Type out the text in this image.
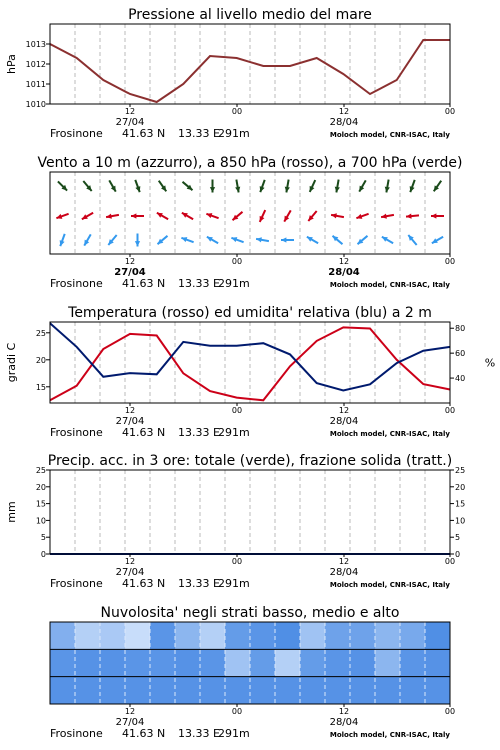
Pressione al livello medio del mare
12	00	12	00
27/04	28/04
Frosinone 41.63 N 13.33 E
291m	Moloch model, CNR-ISAC, Italy
1010
1011
1012
1013
hPa
Vento a 10 m (azzurro), a 850 hPa (rosso), a 700 hPa (verde)
12	00	12	00
27/04	28/04
Frosinone 41.63 N 13.33 E
291m	Moloch model, CNR-ISAC, Italy
Temperatura (rosso) ed umidita' relativa (blu) a 2 m
12	00	12	00
27/04	28/04
Frosinone 41.63 N 13.33 E
291m	Moloch model, CNR-ISAC, Italy
15
20
25
40
60
80
gradi C	%
Precip. acc. in 3 ore: totale (verde), frazione solida (tratt.)
12	00	12	00
27/04	28/04
Frosinone 41.63 N 13.33 E
291m	Moloch model, CNR-ISAC, Italy
0	0
5	5
10	10
15	15
20	20
25	25
mm
Nuvolosita' negli strati basso, medio e alto
12	00	12	00
27/04	28/04
Frosinone 41.63 N 13.33 E
291m	Moloch model, CNR-ISAC, Italy
